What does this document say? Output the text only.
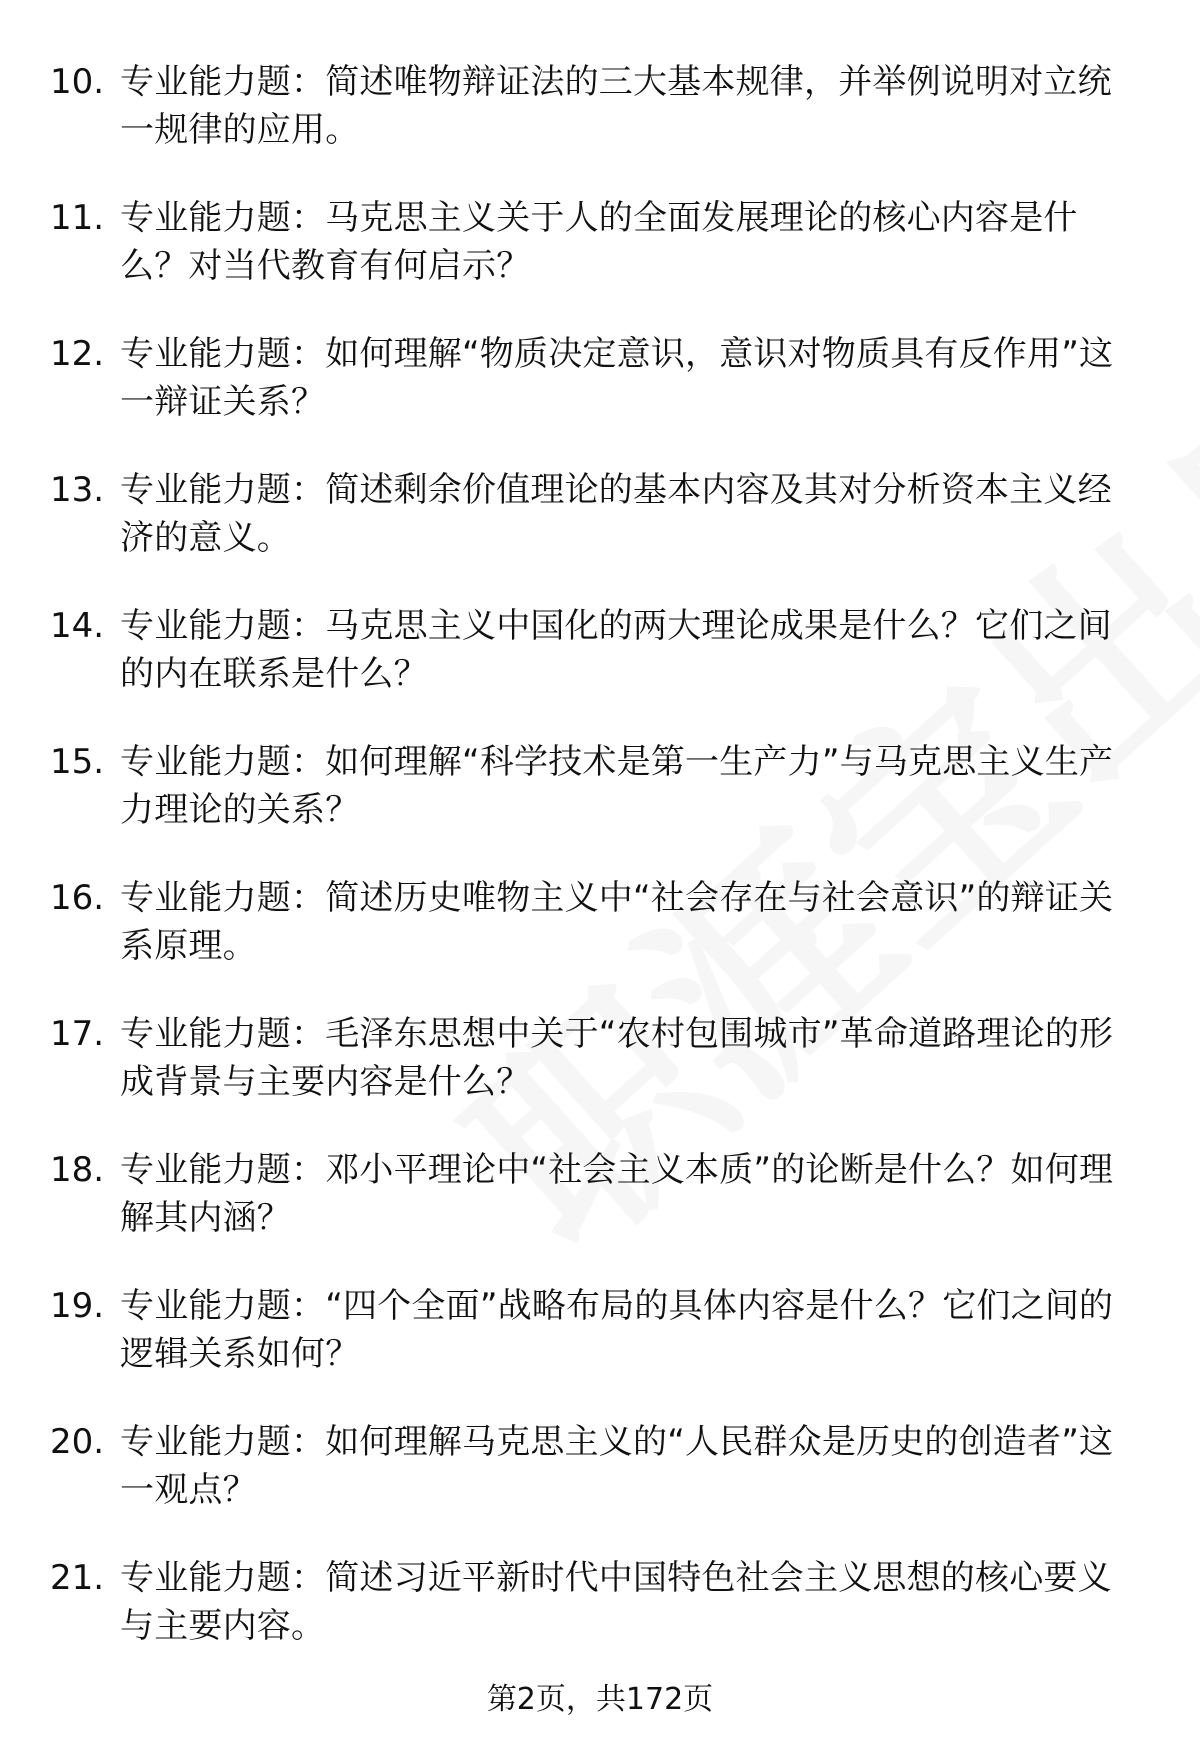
10. 专业能力题：简述唯物辩证法的三大基本规律，并举例说明对立统一规律的应用。
11. 专业能力题：马克思主义关于人的全面发展理论的核心内容是什么？对当代教育有何启示？
12. 专业能力题：如何理解“物质决定意识，意识对物质具有反作用”这一辩证关系？
13. 专业能力题：简述剩余价值理论的基本内容及其对分析资本主义经济的意义。
14. 专业能力题：马克思主义中国化的两大理论成果是什么？它们之间的内在联系是什么？
15. 专业能力题：如何理解“科学技术是第一生产力”与马克思主义生产力理论的关系？
16. 专业能力题：简述历史唯物主义中“社会存在与社会意识”的辩证关系原理。
17. 专业能力题：毛泽东思想中关于“农村包围城市”革命道路理论的形成背景与主要内容是什么？
18. 专业能力题：邓小平理论中“社会主义本质”的论断是什么？如何理解其内涵？
19. 专业能力题：“四个全面”战略布局的具体内容是什么？它们之间的逻辑关系如何？
20. 专业能力题：如何理解马克思主义的“人民群众是历史的创造者”这一观点？
21. 专业能力题：简述习近平新时代中国特色社会主义思想的核心要义与主要内容。
第2页，共172页
